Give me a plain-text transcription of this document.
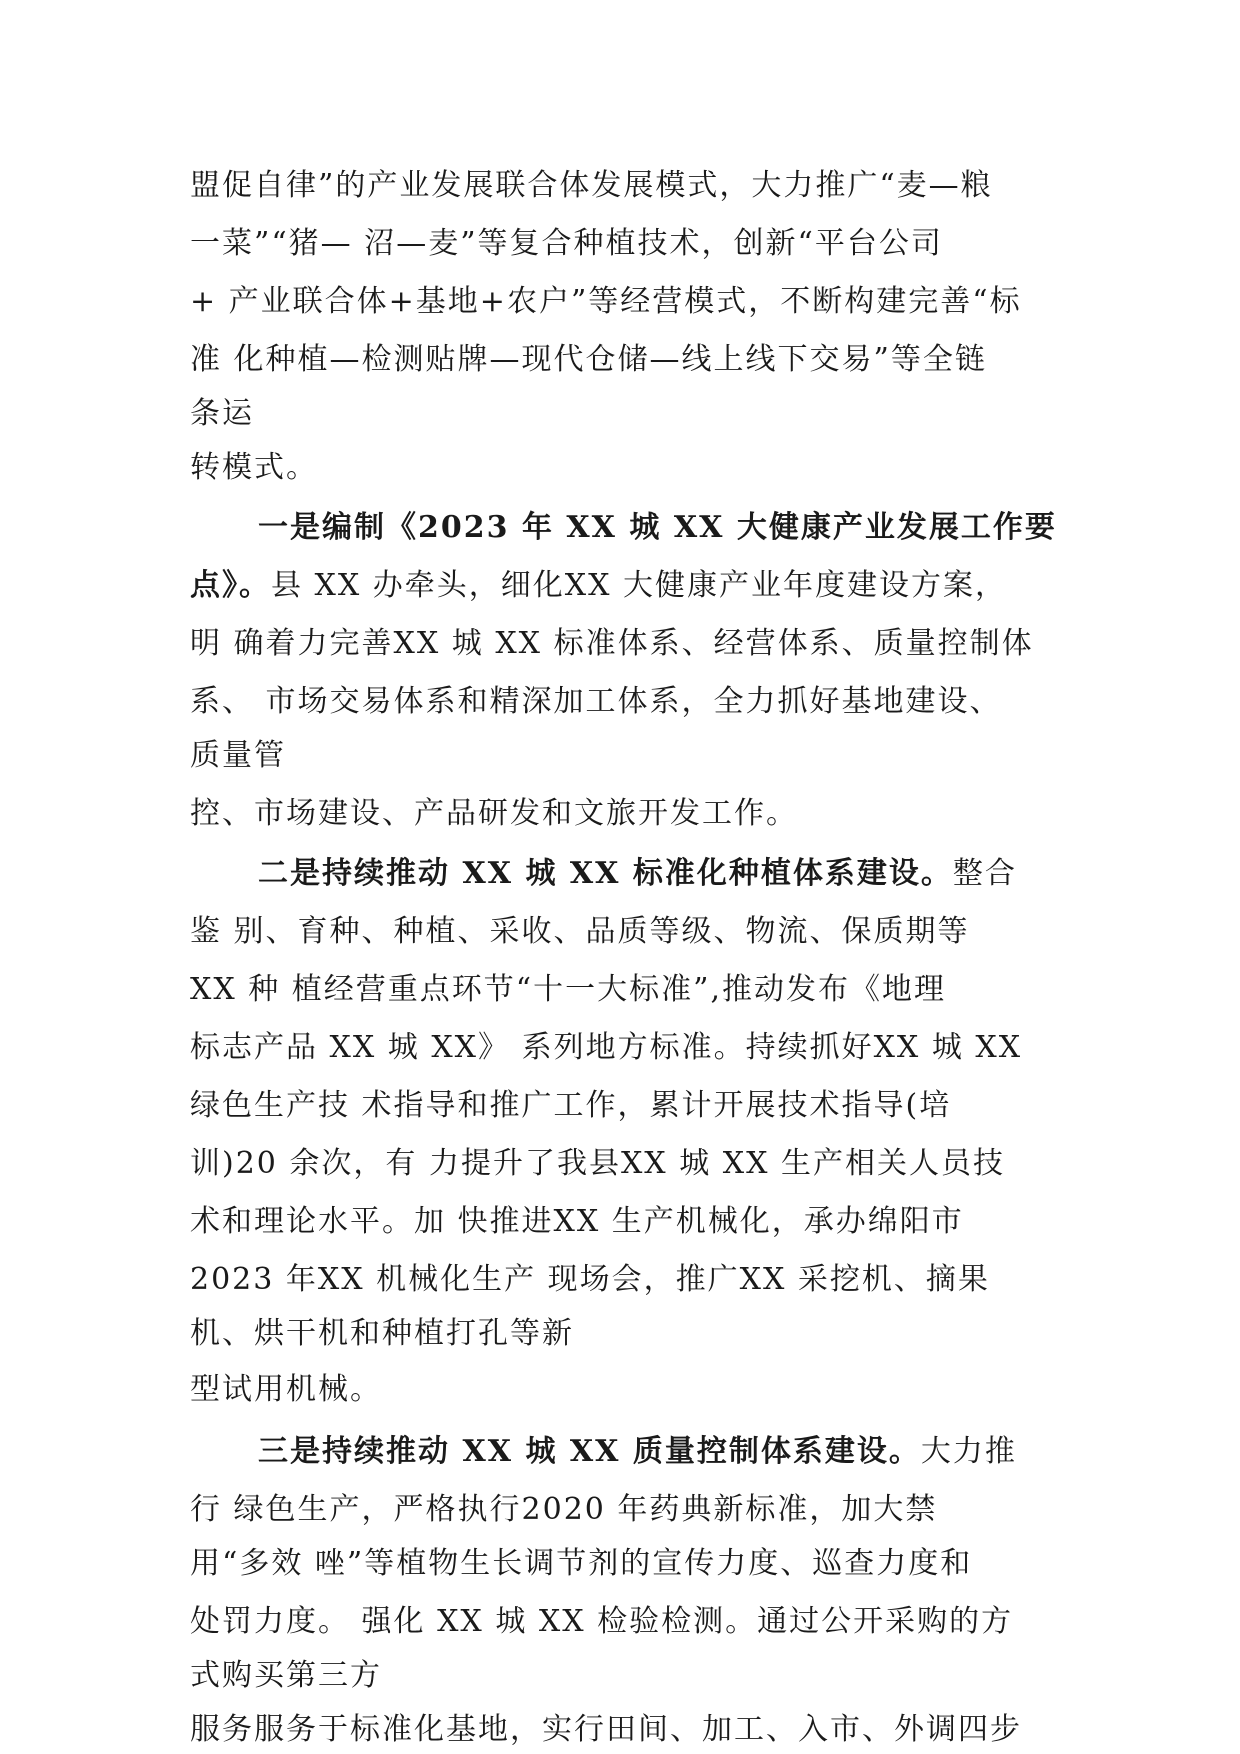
盟促自律”的产业发展联合体发展模式，大力推广“麦—粮
一菜”“猪— 沼—麦”等复合种植技术，创新“平台公司
+ 产业联合体+基地+农户”等经营模式，不断构建完善“标
准 化种植—检测贴牌—现代仓储—线上线下交易”等全链
条运
转模式。
一是编制《2023 年 XX 城 XX 大健康产业发展工作要
点》。县 XX 办牵头，细化XX 大健康产业年度建设方案，
明 确着力完善XX 城 XX 标准体系、经营体系、质量控制体
系、 市场交易体系和精深加工体系，全力抓好基地建设、
质量管
控、市场建设、产品研发和文旅开发工作。
二是持续推动 XX 城 XX 标准化种植体系建设。整合
鉴 别、育种、种植、采收、品质等级、物流、保质期等
XX 种 植经营重点环节“十一大标准”,推动发布《地理
标志产品 XX 城 XX》 系列地方标准。持续抓好XX 城 XX
绿色生产技 术指导和推广工作，累计开展技术指导(培
训)20 余次，有 力提升了我县XX 城 XX 生产相关人员技
术和理论水平。加 快推进XX 生产机械化，承办绵阳市
2023 年XX 机械化生产 现场会，推广XX 采挖机、摘果
机、烘干机和种植打孔等新
型试用机械。
三是持续推动 XX 城 XX 质量控制体系建设。大力推
行 绿色生产，严格执行2020 年药典新标准，加大禁
用“多效 唑”等植物生长调节剂的宣传力度、巡查力度和
处罚力度。 强化 XX 城 XX 检验检测。通过公开采购的方
式购买第三方
服务服务于标准化基地，实行田间、加工、入市、外调四步
